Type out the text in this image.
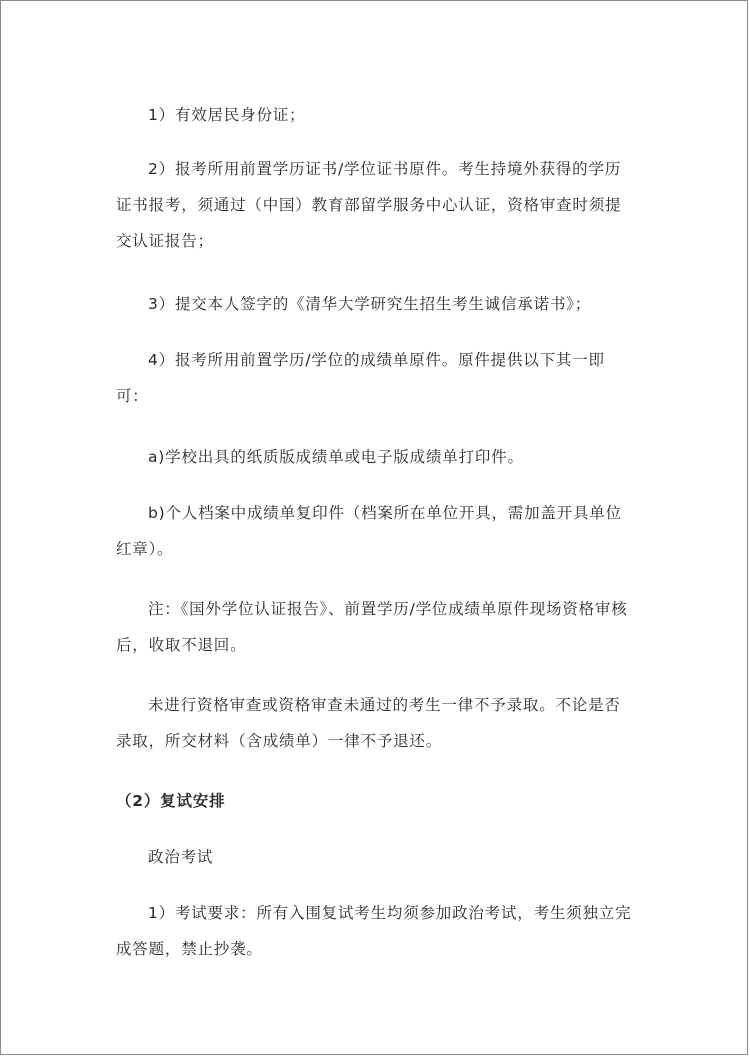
1）有效居民身份证；

2）报考所用前置学历证书/学位证书原件。考生持境外获得的学历证书报考，须通过（中国）教育部留学服务中心认证，资格审查时须提交认证报告；

3）提交本人签字的《清华大学研究生招生考生诚信承诺书》；

4）报考所用前置学历/学位的成绩单原件。原件提供以下其一即可：

a)学校出具的纸质版成绩单或电子版成绩单打印件。

b)个人档案中成绩单复印件（档案所在单位开具，需加盖开具单位红章）。

注：《国外学位认证报告》、前置学历/学位成绩单原件现场资格审核后，收取不退回。

未进行资格审查或资格审查未通过的考生一律不予录取。不论是否录取，所交材料（含成绩单）一律不予退还。

（2）复试安排

政治考试

1）考试要求：所有入围复试考生均须参加政治考试，考生须独立完成答题，禁止抄袭。
